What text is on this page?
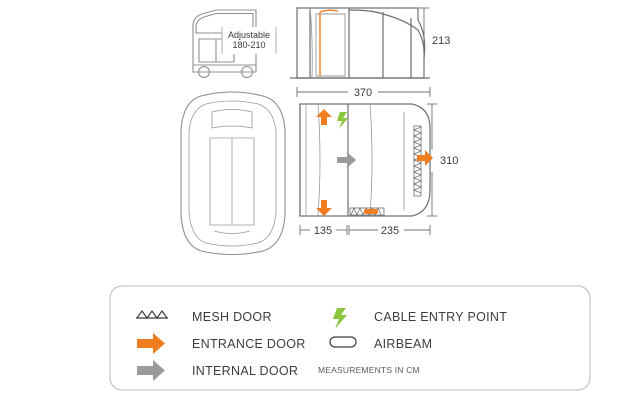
Adjustable
180-210	213
370
310
135	235
MESH DOOR	CABLE ENTRY POINT
ENTRANCE DOOR	AIRBEAM
INTERNAL DOOR MEASUREMENTS IN CM
